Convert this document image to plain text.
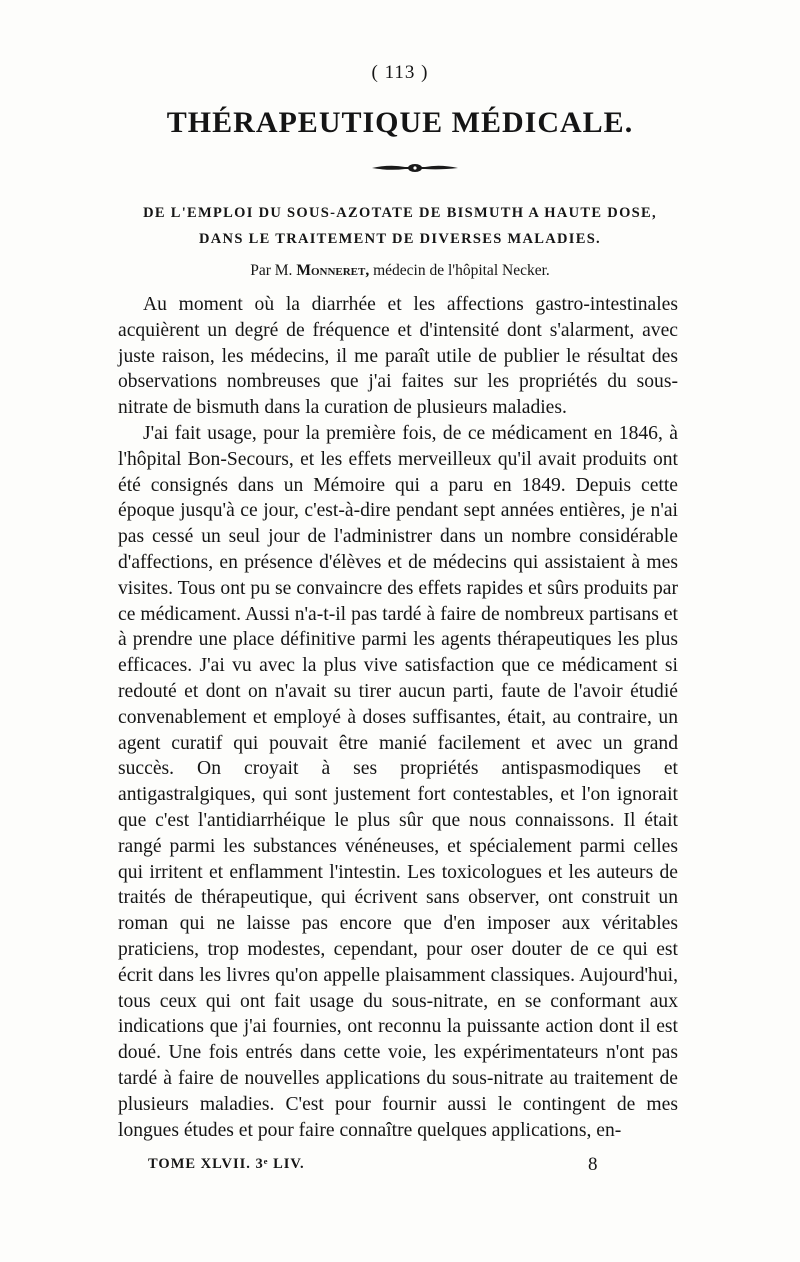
( 113 )
THÉRAPEUTIQUE MÉDICALE.
DE L'EMPLOI DU SOUS-AZOTATE DE BISMUTH A HAUTE DOSE,
DANS LE TRAITEMENT DE DIVERSES MALADIES.
Par M. Monneret, médecin de l'hôpital Necker.

Au moment où la diarrhée et les affections gastro-intestinales acquièrent un degré de fréquence et d'intensité dont s'alarment, avec juste raison, les médecins, il me paraît utile de publier le résultat des observations nombreuses que j'ai faites sur les propriétés du sous-nitrate de bismuth dans la curation de plusieurs maladies.

J'ai fait usage, pour la première fois, de ce médicament en 1846, à l'hôpital Bon-Secours, et les effets merveilleux qu'il avait produits ont été consignés dans un Mémoire qui a paru en 1849. Depuis cette époque jusqu'à ce jour, c'est-à-dire pendant sept années entières, je n'ai pas cessé un seul jour de l'administrer dans un nombre considérable d'affections, en présence d'élèves et de médecins qui assistaient à mes visites. Tous ont pu se convaincre des effets rapides et sûrs produits par ce médicament. Aussi n'a-t-il pas tardé à faire de nombreux partisans et à prendre une place définitive parmi les agents thérapeutiques les plus efficaces. J'ai vu avec la plus vive satisfaction que ce médicament si redouté et dont on n'avait su tirer aucun parti, faute de l'avoir étudié convenablement et employé à doses suffisantes, était, au contraire, un agent curatif qui pouvait être manié facilement et avec un grand succès. On croyait à ses propriétés antispasmodiques et antigastralgiques, qui sont justement fort contestables, et l'on ignorait que c'est l'antidiarrhéique le plus sûr que nous connaissons. Il était rangé parmi les substances vénéneuses, et spécialement parmi celles qui irritent et enflamment l'intestin. Les toxicologues et les auteurs de traités de thérapeutique, qui écrivent sans observer, ont construit un roman qui ne laisse pas encore que d'en imposer aux véritables praticiens, trop modestes, cependant, pour oser douter de ce qui est écrit dans les livres qu'on appelle plaisamment classiques. Aujourd'hui, tous ceux qui ont fait usage du sous-nitrate, en se conformant aux indications que j'ai fournies, ont reconnu la puissante action dont il est doué. Une fois entrés dans cette voie, les expérimentateurs n'ont pas tardé à faire de nouvelles applications du sous-nitrate au traitement de plusieurs maladies. C'est pour fournir aussi le contingent de mes longues études et pour faire connaître quelques applications, en-

TOME XLVII. 3ᵉ LIV.	8
